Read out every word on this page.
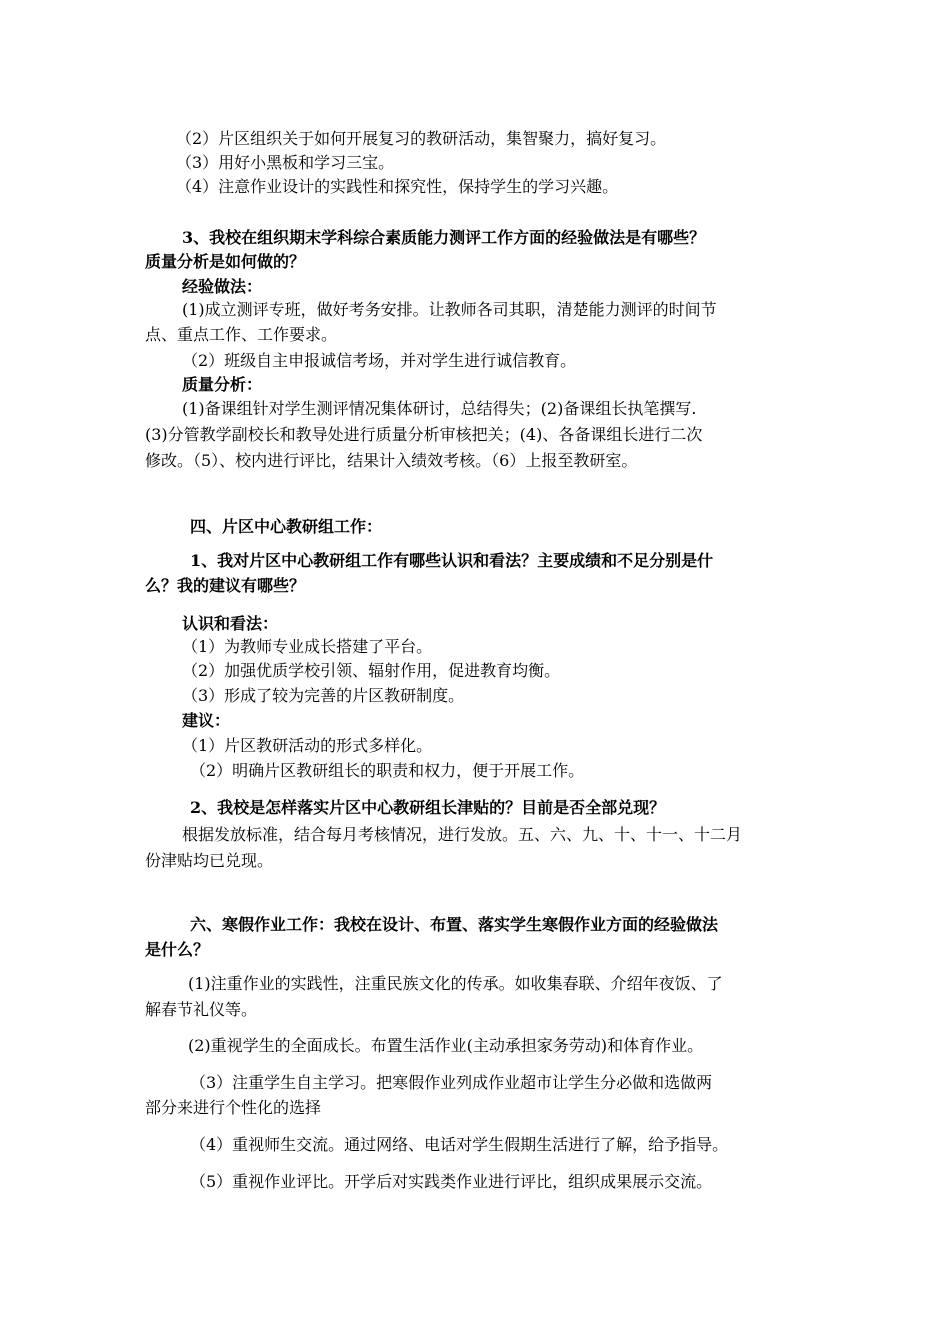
（2）片区组织关于如何开展复习的教研活动，集智聚力，搞好复习。
（3）用好小黑板和学习三宝。
（4）注意作业设计的实践性和探究性，保持学生的学习兴趣。
3、我校在组织期末学科综合素质能力测评工作方面的经验做法是有哪些？
质量分析是如何做的？
经验做法：
(1)成立测评专班，做好考务安排。让教师各司其职，清楚能力测评的时间节
点、重点工作、工作要求。
（2）班级自主申报诚信考场，并对学生进行诚信教育。
质量分析：
(1)备课组针对学生测评情况集体研讨，总结得失；(2)备课组长执笔撰写.
(3)分管教学副校长和教导处进行质量分析审核把关；(4)、各备课组长进行二次
修改。（5）、校内进行评比，结果计入绩效考核。（6）上报至教研室。
四、片区中心教研组工作：
1、我对片区中心教研组工作有哪些认识和看法？主要成绩和不足分别是什
么？我的建议有哪些？
认识和看法：
（1）为教师专业成长搭建了平台。
（2）加强优质学校引领、辐射作用，促进教育均衡。
（3）形成了较为完善的片区教研制度。
建议：
（1）片区教研活动的形式多样化。
（2）明确片区教研组长的职责和权力，便于开展工作。
2、我校是怎样落实片区中心教研组长津贴的？目前是否全部兑现？
根据发放标准，结合每月考核情况，进行发放。五、六、九、十、十一、十二月
份津贴均已兑现。
六、寒假作业工作：我校在设计、布置、落实学生寒假作业方面的经验做法
是什么？
(1)注重作业的实践性，注重民族文化的传承。如收集春联、介绍年夜饭、了
解春节礼仪等。
(2)重视学生的全面成长。布置生活作业(主动承担家务劳动)和体育作业。
（3）注重学生自主学习。把寒假作业列成作业超市让学生分必做和选做两
部分来进行个性化的选择
（4）重视师生交流。通过网络、电话对学生假期生活进行了解，给予指导。
（5）重视作业评比。开学后对实践类作业进行评比，组织成果展示交流。
